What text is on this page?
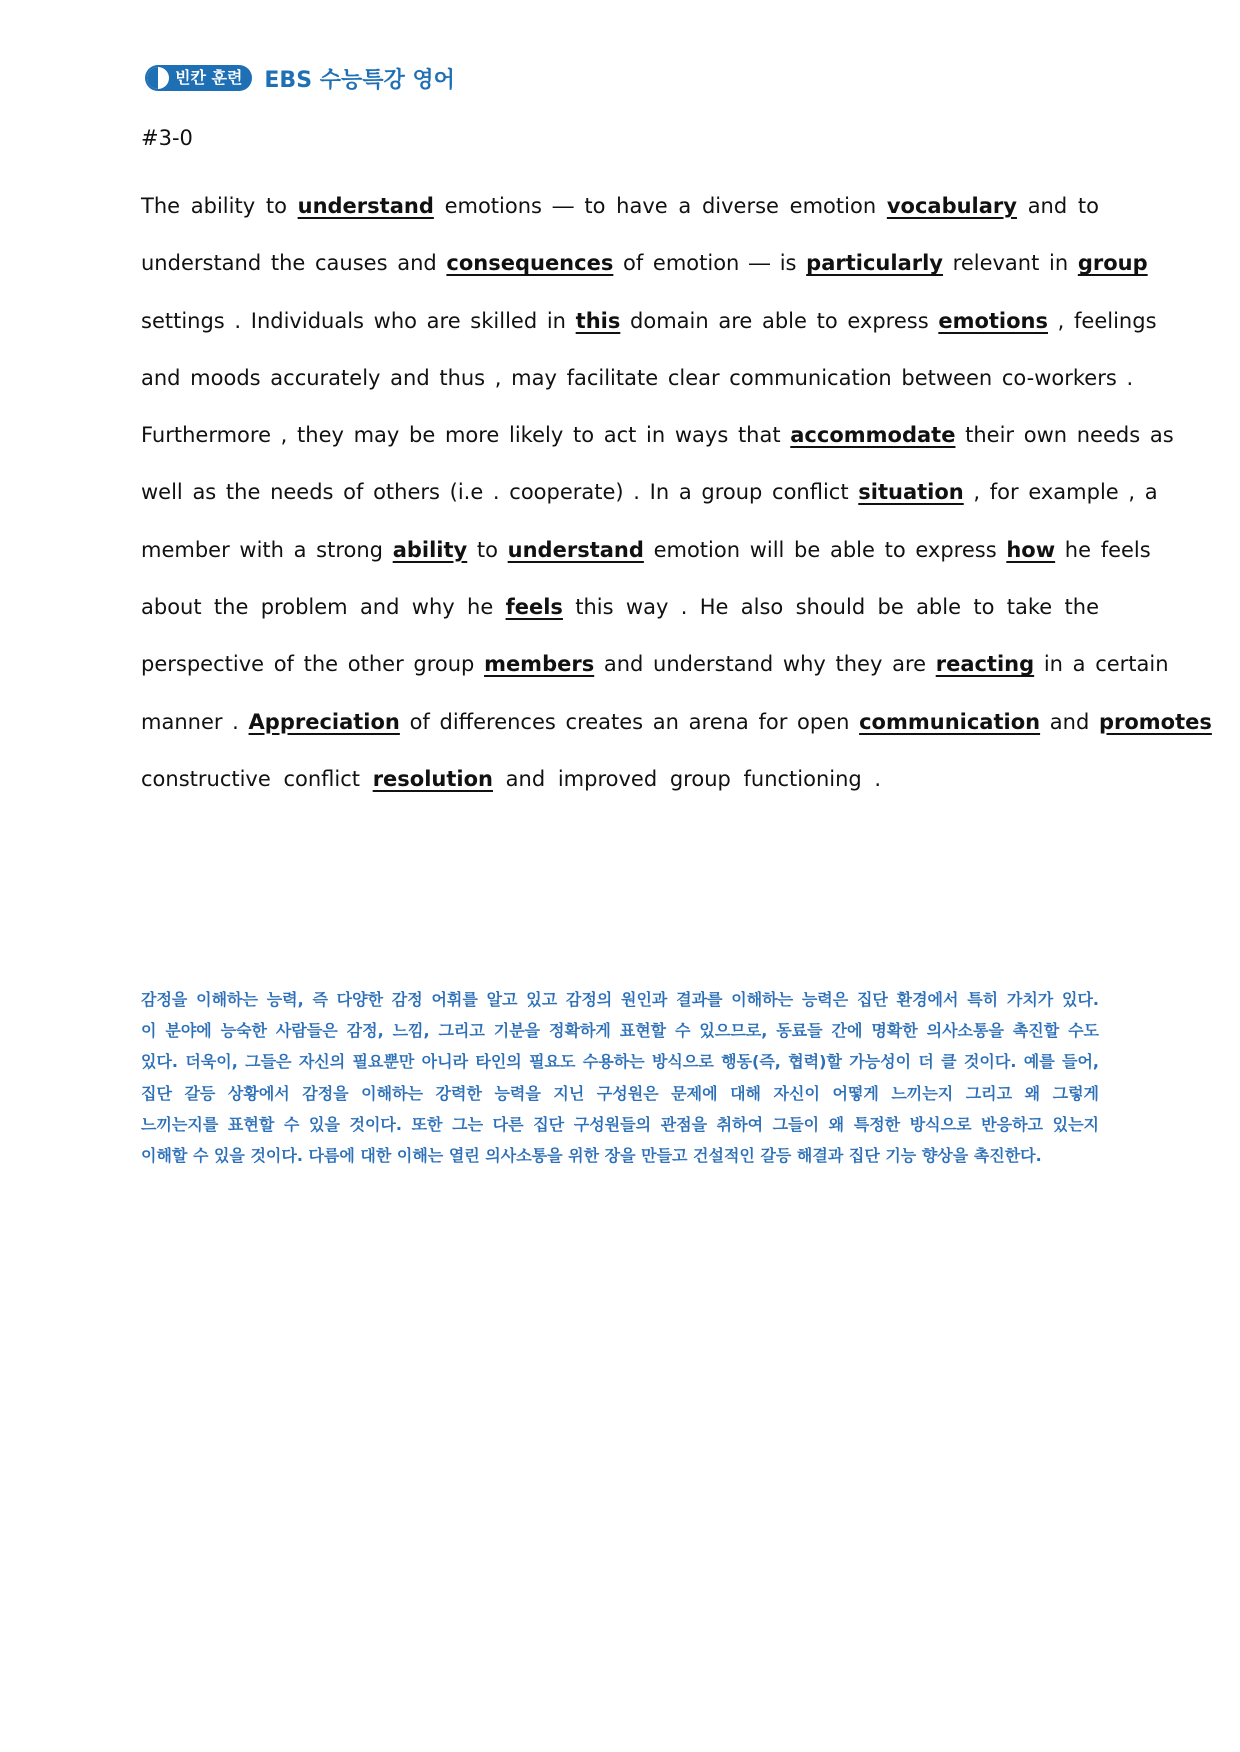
빈칸 훈련 EBS 수능특강 영어
#3-0
The ability to understand emotions ― to have a diverse emotion vocabulary and to
understand the causes and consequences of emotion ― is particularly relevant in group
settings . Individuals who are skilled in this domain are able to express emotions , feelings
and moods accurately and thus , may facilitate clear communication between co-workers .
Furthermore , they may be more likely to act in ways that accommodate their own needs as
well as the needs of others (i.e . cooperate) . In a group conflict situation , for example , a
member with a strong ability to understand emotion will be able to express how he feels
about the problem and why he feels this way . He also should be able to take the
perspective of the other group members and understand why they are reacting in a certain
manner . Appreciation of differences creates an arena for open communication and promotes
constructive conflict resolution and improved group functioning .
감정을 이해하는 능력, 즉 다양한 감정 어휘를 알고 있고 감정의 원인과 결과를 이해하는 능력은 집단 환경에서 특히 가치가 있다.
이 분야에 능숙한 사람들은 감정, 느낌, 그리고 기분을 정확하게 표현할 수 있으므로, 동료들 간에 명확한 의사소통을 촉진할 수도
있다. 더욱이, 그들은 자신의 필요뿐만 아니라 타인의 필요도 수용하는 방식으로 행동(즉, 협력)할 가능성이 더 클 것이다. 예를 들어,
집단 갈등 상황에서 감정을 이해하는 강력한 능력을 지닌 구성원은 문제에 대해 자신이 어떻게 느끼는지 그리고 왜 그렇게
느끼는지를 표현할 수 있을 것이다. 또한 그는 다른 집단 구성원들의 관점을 취하여 그들이 왜 특정한 방식으로 반응하고 있는지
이해할 수 있을 것이다. 다름에 대한 이해는 열린 의사소통을 위한 장을 만들고 건설적인 갈등 해결과 집단 기능 향상을 촉진한다.
